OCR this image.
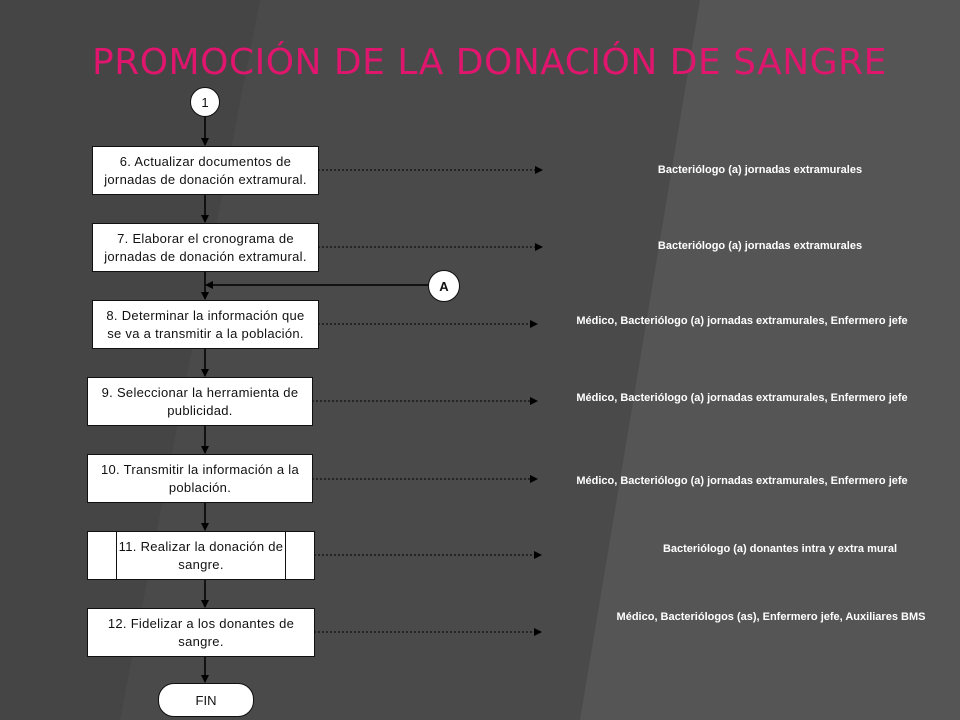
PROMOCIÓN DE LA DONACIÓN DE SANGRE
1
A
6. Actualizar documentos de jornadas de donación extramural.
7. Elaborar el cronograma de jornadas de donación extramural.
8. Determinar la información que se va a transmitir a la población.
9. Seleccionar la herramienta de publicidad.
10. Transmitir la información a la población.
11. Realizar la donación de sangre.
12. Fidelizar a los donantes de sangre.
FIN
Bacteriólogo (a) jornadas extramurales
Bacteriólogo (a) jornadas extramurales
Médico, Bacteriólogo (a) jornadas extramurales, Enfermero jefe
Médico, Bacteriólogo (a) jornadas extramurales, Enfermero jefe
Médico, Bacteriólogo (a) jornadas extramurales, Enfermero jefe
Bacteriólogo (a) donantes intra y extra mural
Médico, Bacteriólogos (as), Enfermero jefe, Auxiliares BMS
